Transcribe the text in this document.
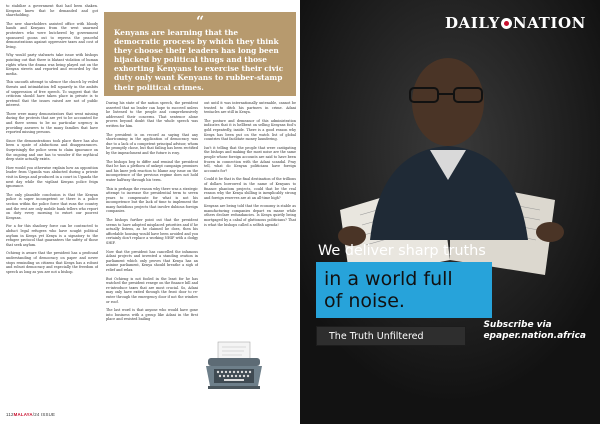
to stabilize a government that had been shaken. Kenyans knew that he demanded and got shareholding.

The new shareholders assisted office with bloody hands and Kenyans from the west unarmed protesters who were butchered by government sponsored goons out to repress the peaceful demonstrations against oppressive taxes and cost of living.

Why would party stalwarts take issue with bishops pointing out that there is blatant violation of human rights when the drama was being played out on the Kenyan streets and reported and recorded by the media.

This uncouth attempt to silence the church by veiled threats and intimidation fell squarely in the ambits of suppression of free speech. To suggest that the criticism should have taken place in private is to pretend that the issues raised are not of public interest.

There were many demonstrators that went missing during the protests that are yet to be accounted for and there seems to be no particular urgency in providing answers to the many families that have reported missing persons.

Since the demonstrations took place there has also been a spate of abductions and disappearances. Surprisingly the police seem to claim ignorance on the ongoing and one has to wonder if the mythical deep state actually exists.

How would you otherwise explain how an opposition leader from Uganda was abducted during a private visit in Kenya and produced in a court in Uganda the next day while the vigilant Kenyan police feign ignorance.

The only plausible conclusion is that the Kenyan police is super incompetent or there is a police section within the police force that runs the country and the rest are only mobile bank tellers who report on duty every morning to extort our poorest Kenyans.

For a for this shadowy force can be contracted to abduct legal refugees who have sought political asylum in Kenya yet Kenya is a signatory to the refugee protocol that guarantees the safety of those that seek asylum.

Ochieng is aware that the president has a profound understanding of democracy on paper and never stops reminding us citizens that Kenya has a robust and robust democracy and especially the freedom of speech as long as you are not a bishop.

“
Kenyans are learning that the democratic process by which they think they choose their leaders has long been hijacked by political thugs and those exhorting Kenyans to exercise their civic duty only want Kenyans to rubber-stamp their political crimes.

During his state of the nation speech, the president asserted that no leader can hope to succeed unless he listened to the people and comprehensively addressed their concerns. That sentence alone proves beyond doubt that the whole speech was written for him.

The president is on record as saying that any shortcoming in the application of democracy was due to a lack of a competent principal advisor, whom he promptly chose, but that failing has been rectified by the impeachment and the future is rosy.

The bishops beg to differ and remind the president that he has a plethora of unkept campaign promises and his knee jerk reaction to blame any issue on the incompetence of the previous regime does not hold water halfway through his term.

This is perhaps the reason why there was a strategic attempt to increase the presidential term to seven years to compensate for what is not his incompetence but the lack of time to implement the many fastidious projects that involve dubious foreign companies.

The bishops further point out that the president seems to have adopted misplaced priorities and if he actually listens, as he claimed he does, then his affordable housing would have been avoided and you certainly don't replace a working NHIF with a dodgy SHIF.

Now that the president has cancelled the infamous Adani projects and invented a standing ovation in parliament which only proves that Kenya has an asinine parliament, Kenya should breathe a sigh of relief and relax.

But Ochieng is not fooled in the least for he has watched the president renege on the finance bill and re-introduce taxes that are most crucial. So, Adani may only have exited through the front door to re-enter through the emergency door if not the window or roof.

The last word is that anyone who would have gone into business with a group like Adani in the first place and resisted bailing

out until it was internationally untenable, cannot be trusted to ditch his partners in crime. Adani tentacles are still in Kenya.

The posture and demeanor of this administration indicates that it is hellbent on selling Kenyans fool's gold repeatedly, inside. There is a good reason why Kenya has been put on the watch list of global countries that facilitate money laundering.

Isn't it telling that the people that were castigating the bishops and making the most noise are the same people whose foreign accounts are said to have been frozen in connection with the Adani scandal. Pray tell, what do Kenyan politicians have foreign accounts for?

Could it be that is the final destination of the trillions of dollars borrowed in the name of Kenyans to finance phantom projects, could that be the real reason why the Kenya shilling is inexplicably strong and foreign reserves are at an all-time high?

Kenyans are being told that the economy is stable as manufacturing companies depart en masse while others declare redundancies. Is Kenya quietly being mortgaged by a cabal of gluttonous politicians? That is what the bishops called a selfish agenda!

112MALAYA/24 ISSUE
DAILY NATION
We deliver sharp truths
in a world full
of noise.
The Truth Unfiltered
Subscribe via
epaper.nation.africa
